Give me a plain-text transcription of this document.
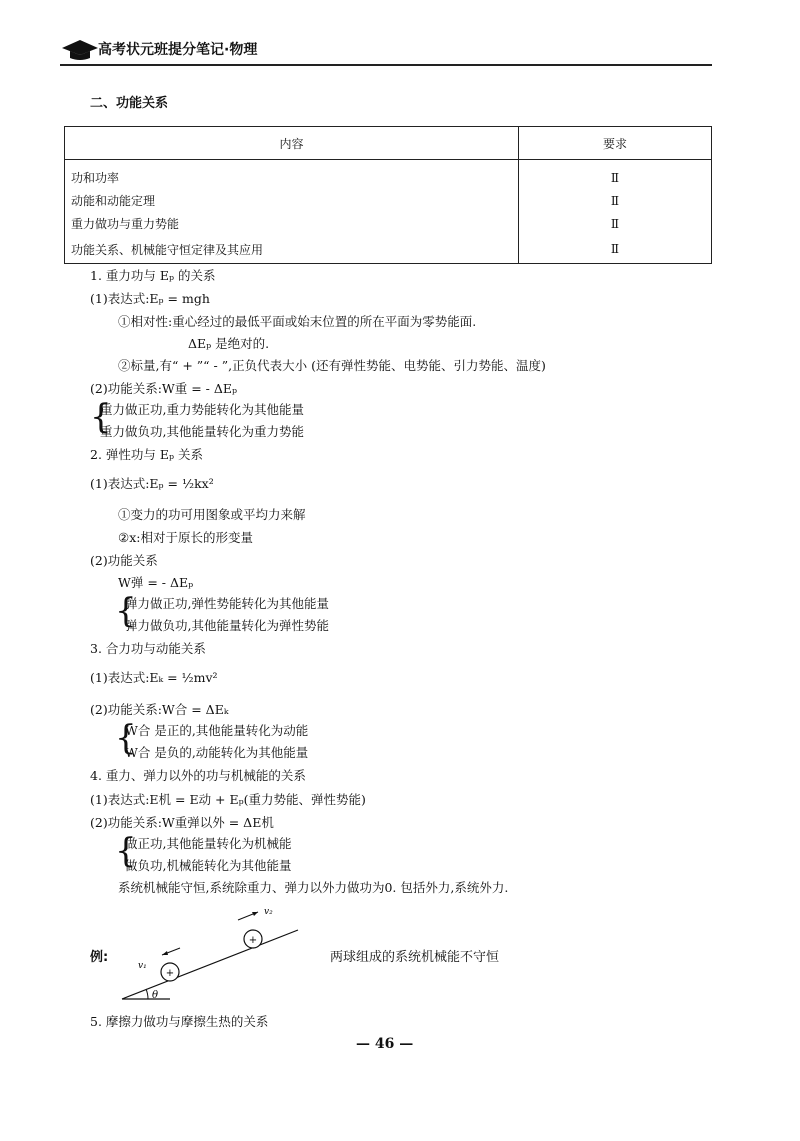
高考状元班提分笔记·物理
二、功能关系
内容	要求
功和功率	Ⅱ
动能和动能定理	Ⅱ
重力做功与重力势能	Ⅱ
功能关系、机械能守恒定律及其应用	Ⅱ
1. 重力功与 Eₚ 的关系
(1)表达式:Eₚ = mgh
①相对性:重心经过的最低平面或始末位置的所在平面为零势能面.
ΔEₚ 是绝对的.
②标量,有“ + ”“ - ”,正负代表大小 (还有弹性势能、电势能、引力势能、温度)
(2)功能关系:W重 = - ΔEₚ
{
重力做正功,重力势能转化为其他能量
重力做负功,其他能量转化为重力势能
2. 弹性功与 Eₚ 关系
(1)表达式:Eₚ = ½kx²
①变力的功可用图象或平均力来解
②x:相对于原长的形变量
(2)功能关系
W弹 = - ΔEₚ
{
弹力做正功,弹性势能转化为其他能量
弹力做负功,其他能量转化为弹性势能
3. 合力功与动能关系
(1)表达式:Eₖ = ½mv²
(2)功能关系:W合 = ΔEₖ
{
W合 是正的,其他能量转化为动能
W合 是负的,动能转化为其他能量
4. 重力、弹力以外的功与机械能的关系
(1)表达式:E机 = E动 + Eₚ(重力势能、弹性势能)
(2)功能关系:W重弹以外 = ΔE机
{
做正功,其他能量转化为机械能
做负功,机械能转化为其他能量
系统机械能守恒,系统除重力、弹力以外力做功为0. 包括外力,系统外力.
例:
+
+
v₁
v₂
θ
两球组成的系统机械能不守恒
5. 摩擦力做功与摩擦生热的关系
— 46 —
